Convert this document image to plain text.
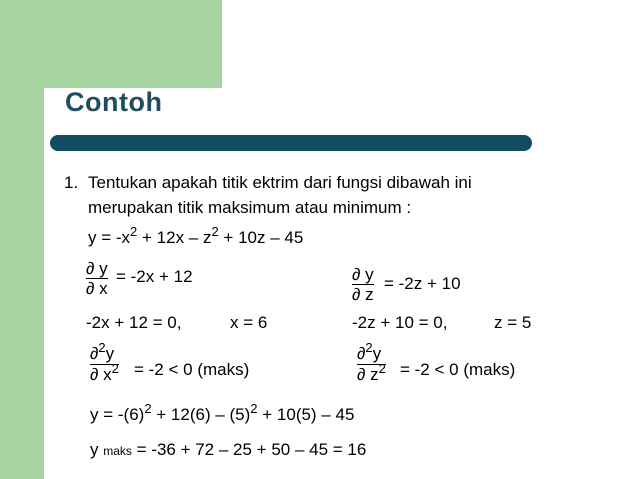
Contoh
1. Tentukan apakah titik ektrim dari fungsi dibawah ini
merupakan titik maksimum atau minimum :
$y = -x^2 + 12x - z^2 + 10z - 45$
$\frac{\partial y}{\partial x} = -2x + 12$	$\frac{\partial y}{\partial z} = -2z + 10$
-2x + 12 = 0,	x = 6	-2z + 10 = 0,	z = 5
$\frac{\partial^2y}{\partial x^2} = -2 < 0$ (maks)	$\frac{\partial^2y}{\partial z^2} = -2 < 0$ (maks)
$y = -(6)^2 + 12(6) - (5)^2 + 10(5) - 45$
y maks = -36 + 72 – 25 + 50 – 45 = 16
